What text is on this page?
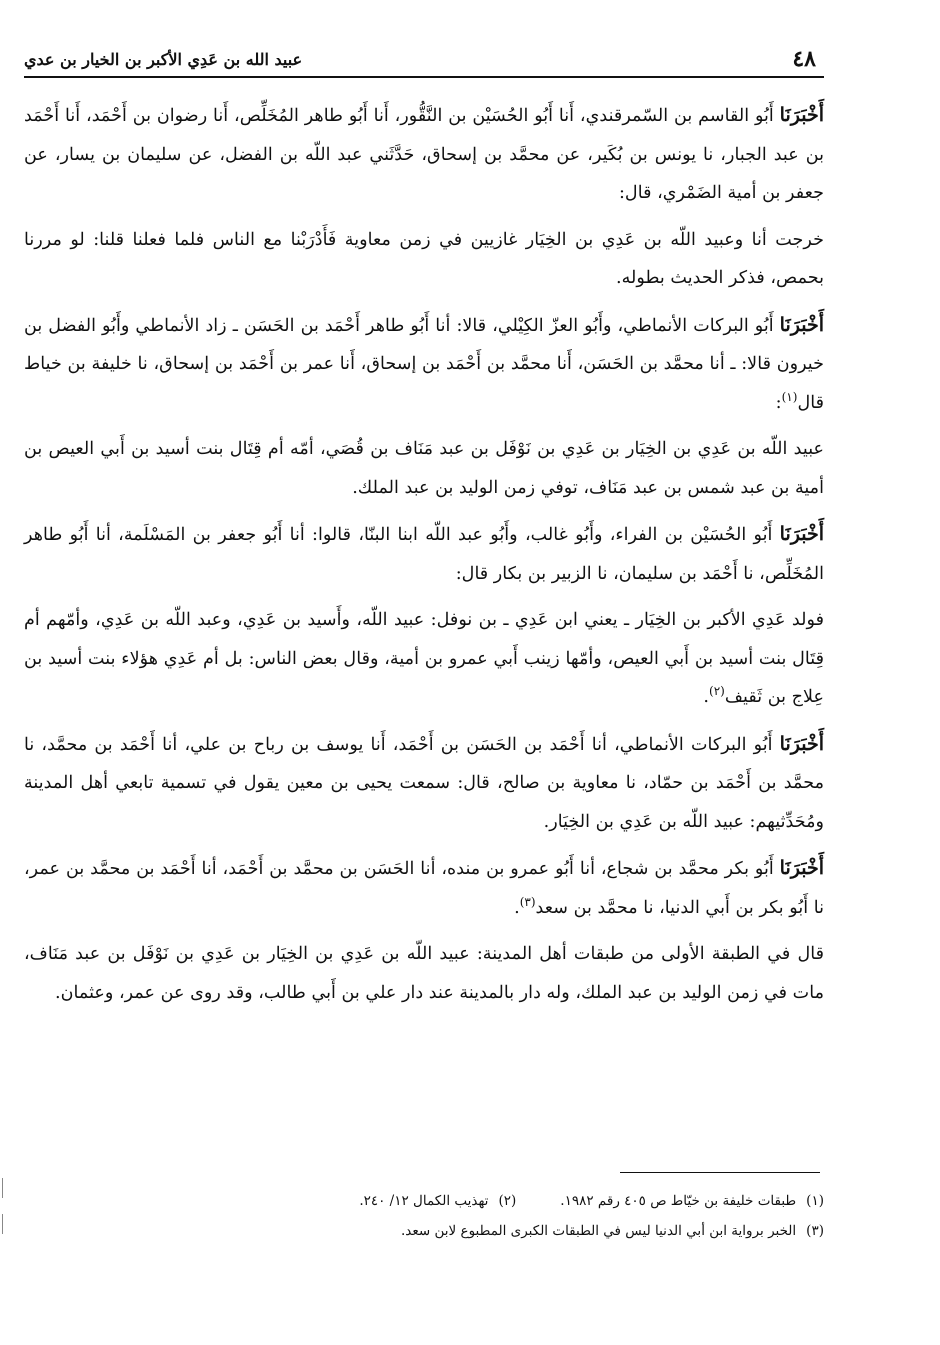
٤٨
عبيد الله بن عَدِي الأكبر بن الخيار بن عدي

أَخْبَرَنَا أَبُو القاسم بن السّمرقندي، أَنا أَبُو الحُسَيْن بن النَّقُّور، أَنا أَبُو طاهر المُخَلِّص، أَنا رضوان بن أَحْمَد، أَنا أَحْمَد بن عبد الجبار، نا يونس بن بُكَير، عن محمَّد بن إسحاق، حَدَّثَني عبد اللّه بن الفضل، عن سليمان بن يسار، عن جعفر بن أمية الضَمْري، قال:

خرجت أنا وعبيد اللّه بن عَدِي بن الخِيَار غازيين في زمن معاوية فَأَدْرَبْنا مع الناس فلما فعلنا قلنا: لو مررنا بحمص، فذكر الحديث بطوله.

أَخْبَرَنَا أَبُو البركات الأنماطي، وأَبُو العزّ الكِيْلي، قالا: أنا أَبُو طاهر أَحْمَد بن الحَسَن ـ زاد الأنماطي وأَبُو الفضل بن خيرون قالا: ـ أنا محمَّد بن الحَسَن، أَنا محمَّد بن أَحْمَد بن إسحاق، أَنا عمر بن أَحْمَد بن إسحاق، نا خليفة بن خياط قال$^{(١)}$:

عبيد اللّه بن عَدِي بن الخِيَار بن عَدِي بن نَوْفَل بن عبد مَنَاف بن قُصَي، أمّه أم قِتَال بنت أسيد بن أَبي العيص بن أمية بن عبد شمس بن عبد مَنَاف، توفي زمن الوليد بن عبد الملك.

أَخْبَرَنَا أَبُو الحُسَيْن بن الفراء، وأَبُو غالب، وأَبُو عبد اللّه ابنا البنّا، قالوا: أنا أَبُو جعفر بن المَسْلَمة، أنا أَبُو طاهر المُخَلِّص، نا أَحْمَد بن سليمان، نا الزبير بن بكار قال:

فولد عَدِي الأكبر بن الخِيَار ـ يعني ابن عَدِي ـ بن نوفل: عبيد اللّه، وأَسيد بن عَدِي، وعبد اللّه بن عَدِي، وأمّهم أم قِتَال بنت أسيد بن أَبي العيص، وأمّها زينب أَبي عمرو بن أمية، وقال بعض الناس: بل أم عَدِي هؤلاء بنت أسيد بن عِلاج بن ثَقيف$^{(٢)}$.

أَخْبَرَنَا أَبُو البركات الأنماطي، أنا أَحْمَد بن الحَسَن بن أَحْمَد، أَنا يوسف بن رباح بن علي، أنا أَحْمَد بن محمَّد، نا محمَّد بن أَحْمَد بن حمّاد، نا معاوية بن صالح، قال: سمعت يحيى بن معين يقول في تسمية تابعي أهل المدينة ومُحَدِّثيهم: عبيد اللّه بن عَدِي بن الخِيَار.

أَخْبَرَنَا أَبُو بكر محمَّد بن شجاع، أنا أَبُو عمرو بن منده، أنا الحَسَن بن محمَّد بن أَحْمَد، أنا أَحْمَد بن محمَّد بن عمر، نا أَبُو بكر بن أَبي الدنيا، نا محمَّد بن سعد$^{(٣)}$.

قال في الطبقة الأولى من طبقات أهل المدينة: عبيد اللّه بن عَدِي بن الخِيَار بن عَدِي بن نَوْفَل بن عبد مَنَاف، مات في زمن الوليد بن عبد الملك، وله دار بالمدينة عند دار علي بن أَبي طالب، وقد روى عن عمر، وعثمان.

(١)
طبقات خليفة بن خيّاط ص ٤٠٥ رقم ١٩٨٢.
(٢)
تهذيب الكمال ١٢/ ٢٤٠.
(٣)
الخبر برواية ابن أبي الدنيا ليس في الطبقات الكبرى المطبوع لابن سعد.
